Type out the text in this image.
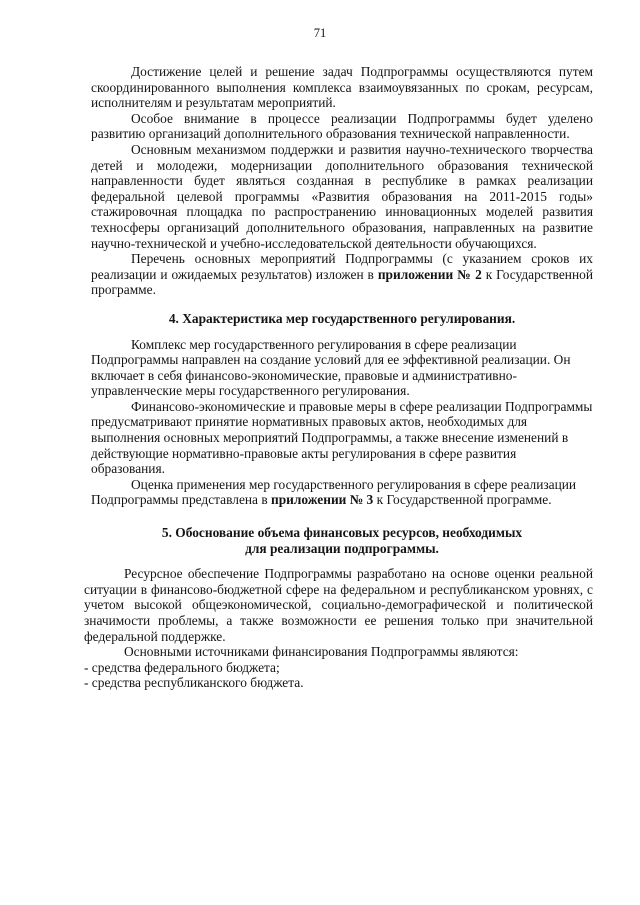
71

Достижение целей и решение задач Подпрограммы осуществляются путем скоординированного выполнения комплекса взаимоувязанных по срокам, ресурсам, исполнителям и результатам мероприятий.

Особое внимание в процессе реализации Подпрограммы будет уделено развитию организаций дополнительного образования технической направленности.

Основным механизмом поддержки и развития научно-технического творчества детей и молодежи, модернизации дополнительного образования технической направленности будет являться созданная в республике в рамках реализации федеральной целевой программы «Развития образования на 2011-2015 годы» стажировочная площадка по распространению инновационных моделей развития техносферы организаций дополнительного образования, направленных на развитие научно-технической и учебно-исследовательской деятельности обучающихся.

Перечень основных мероприятий Подпрограммы (с указанием сроков их реализации и ожидаемых результатов) изложен в приложении № 2 к Государственной программе.

4. Характеристика мер государственного регулирования.

Комплекс мер государственного регулирования в сфере реализации Подпрограммы направлен на создание условий для ее эффективной реализации. Он включает в себя финансово-экономические, правовые и административно-управленческие меры государственного регулирования.

Финансово-экономические и правовые меры в сфере реализации Подпрограммы предусматривают принятие нормативных правовых актов, необходимых для выполнения основных мероприятий Подпрограммы, а также внесение изменений в действующие нормативно-правовые акты регулирования в сфере развития образования.

Оценка применения мер государственного регулирования в сфере реализации Подпрограммы представлена в приложении № 3 к Государственной программе.

5. Обоснование объема финансовых ресурсов, необходимых
для реализации подпрограммы.

Ресурсное обеспечение Подпрограммы разработано на основе оценки реальной ситуации в финансово-бюджетной сфере на федеральном и республиканском уровнях, с учетом высокой общеэкономической, социально-демографической и политической значимости проблемы, а также возможности ее решения только при значительной федеральной поддержке.

Основными источниками финансирования Подпрограммы являются:

- средства федерального бюджета;
- средства республиканского бюджета.
